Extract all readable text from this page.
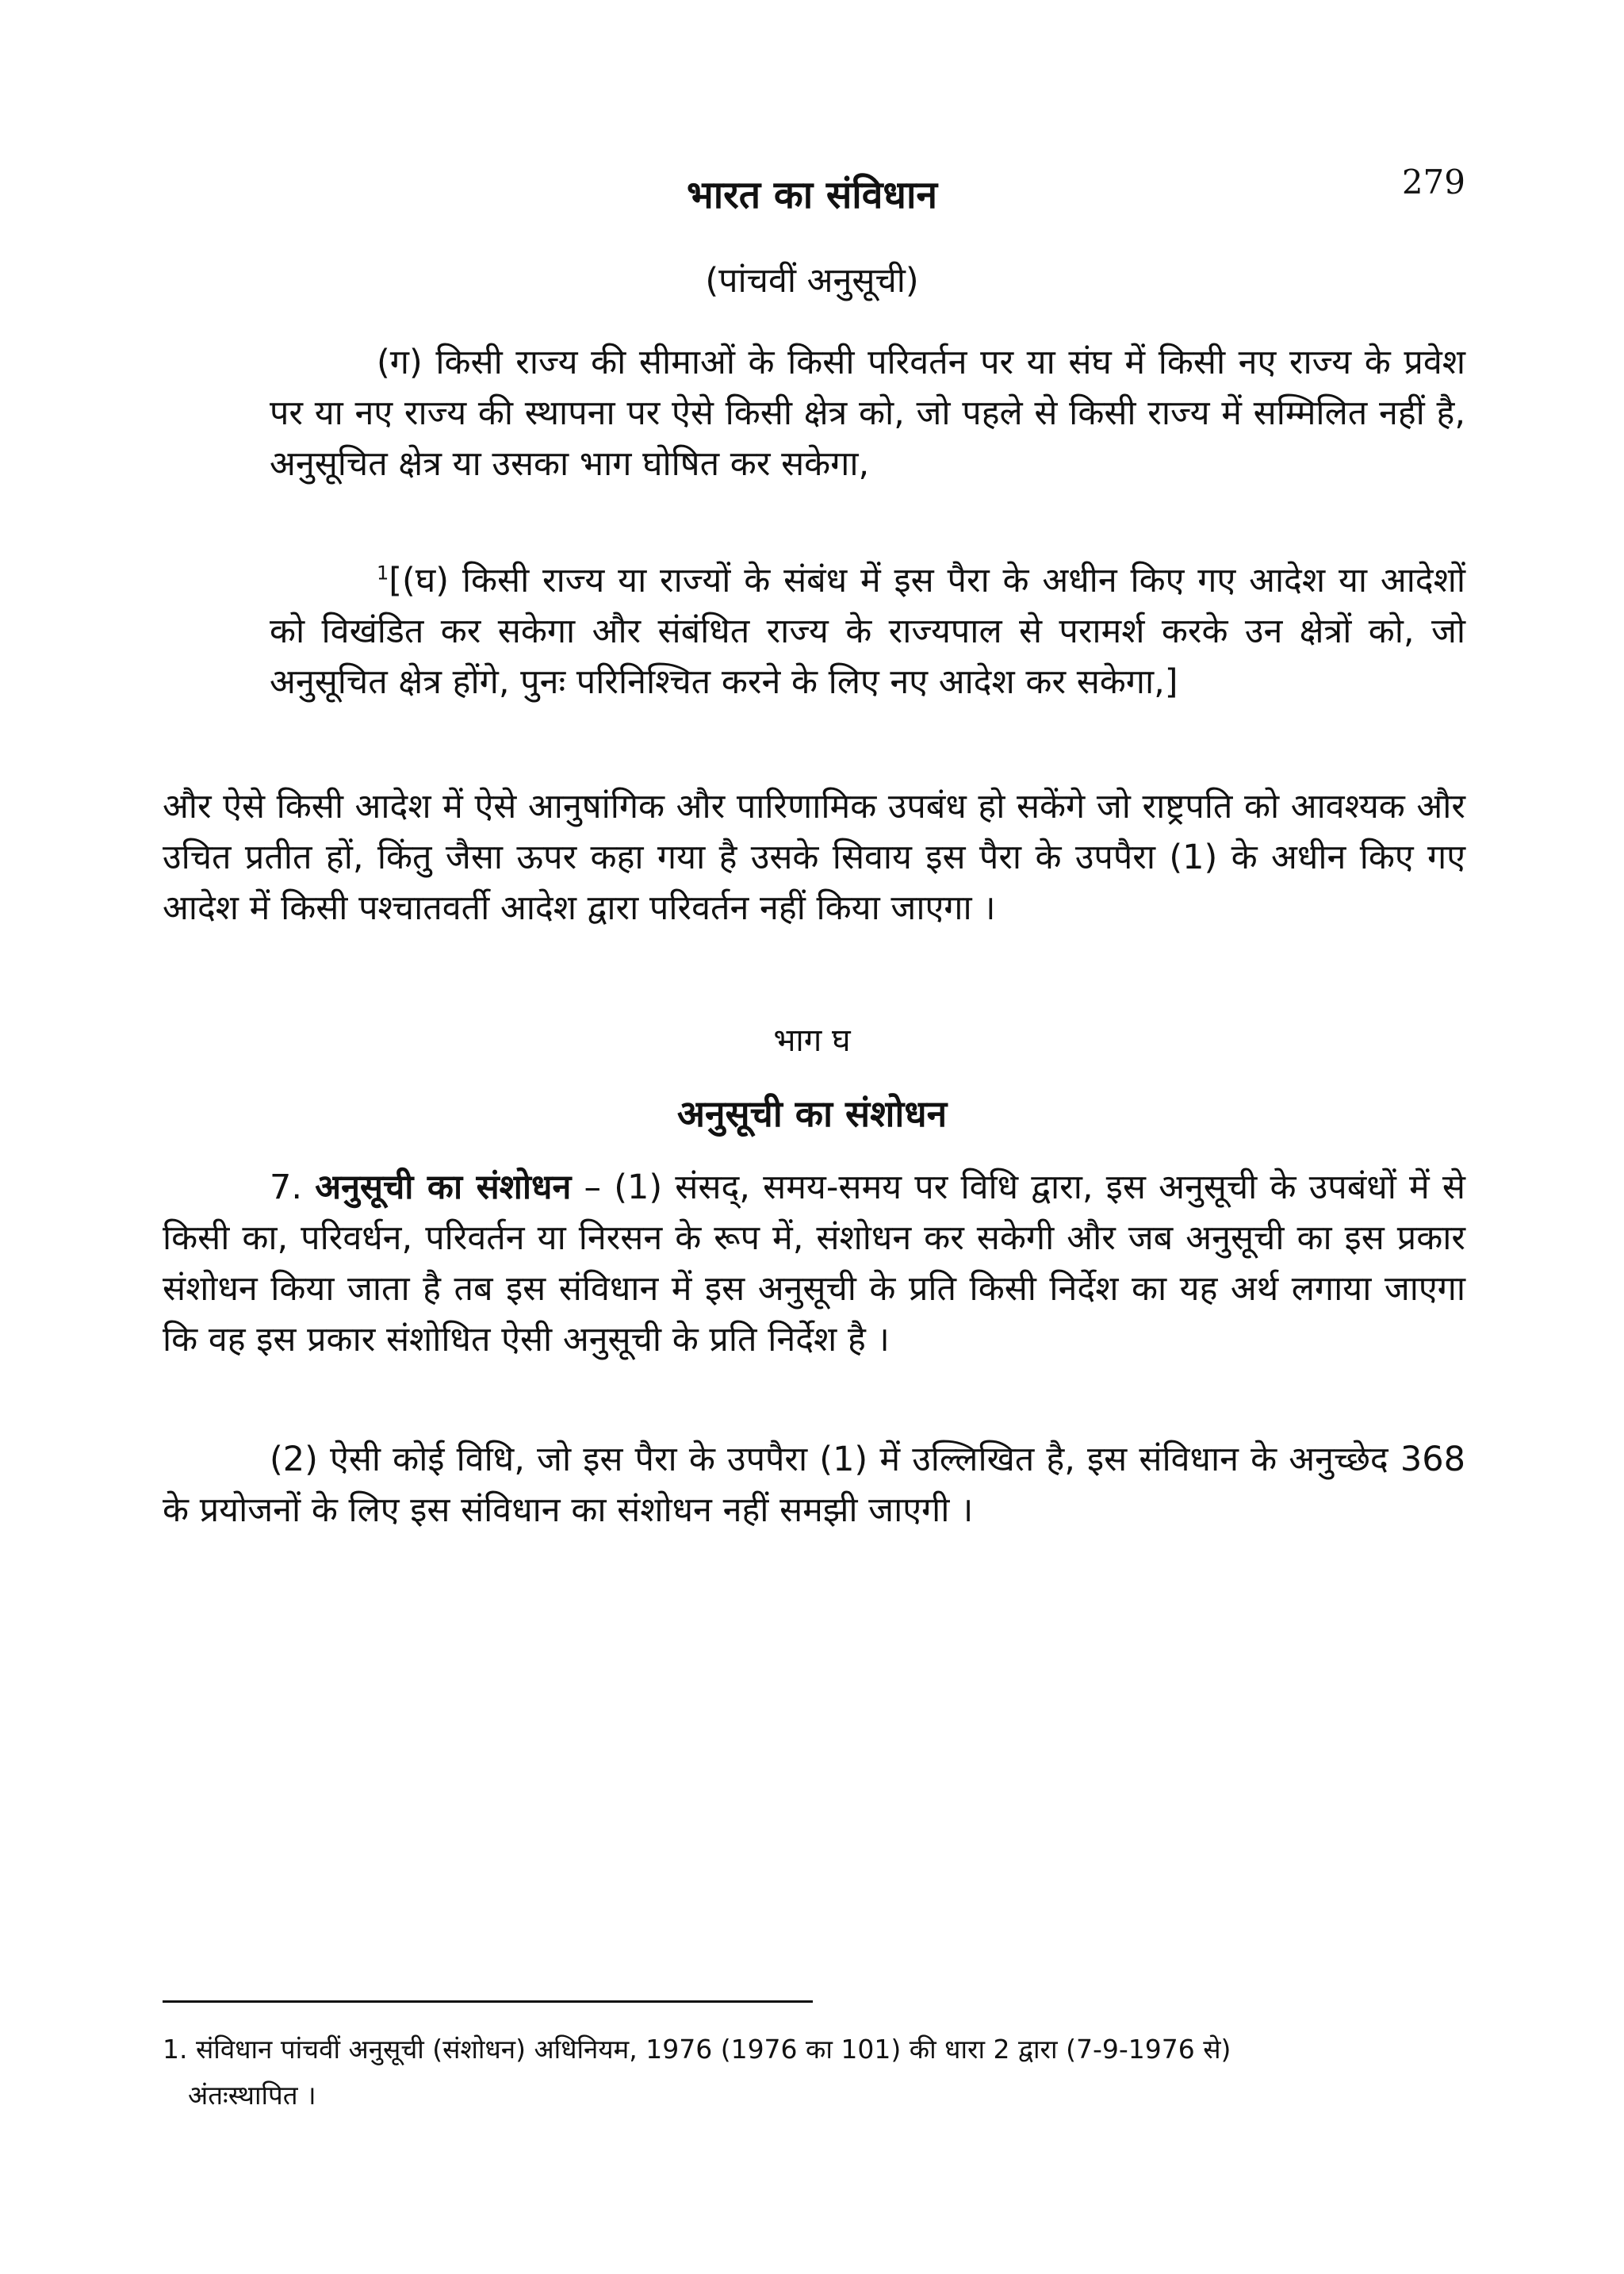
279

भारत का संविधान

(पांचवीं अनुसूची)

(ग) किसी राज्य की सीमाओं के किसी परिवर्तन पर या संघ में किसी नए राज्य के प्रवेश पर या नए राज्य की स्थापना पर ऐसे किसी क्षेत्र को, जो पहले से किसी राज्य में सम्मिलित नहीं है, अनुसूचित क्षेत्र या उसका भाग घोषित कर सकेगा,

$^1$[(घ) किसी राज्य या राज्यों के संबंध में इस पैरा के अधीन किए गए आदेश या आदेशों को विखंडित कर सकेगा और संबंधित राज्य के राज्यपाल से परामर्श करके उन क्षेत्रों को, जो अनुसूचित क्षेत्र होंगे, पुनः परिनिश्चित करने के लिए नए आदेश कर सकेगा,]

और ऐसे किसी आदेश में ऐसे आनुषांगिक और पारिणामिक उपबंध हो सकेंगे जो राष्ट्रपति को आवश्यक और उचित प्रतीत हों, किंतु जैसा ऊपर कहा गया है उसके सिवाय इस पैरा के उपपैरा (1) के अधीन किए गए आदेश में किसी पश्चातवर्ती आदेश द्वारा परिवर्तन नहीं किया जाएगा ।

भाग घ

अनुसूची का संशोधन

7. अनुसूची का संशोधन – (1) संसद्, समय-समय पर विधि द्वारा, इस अनुसूची के उपबंधों में से किसी का, परिवर्धन, परिवर्तन या निरसन के रूप में, संशोधन कर सकेगी और जब अनुसूची का इस प्रकार संशोधन किया जाता है तब इस संविधान में इस अनुसूची के प्रति किसी निर्देश का यह अर्थ लगाया जाएगा कि वह इस प्रकार संशोधित ऐसी अनुसूची के प्रति निर्देश है ।

(2) ऐसी कोई विधि, जो इस पैरा के उपपैरा (1) में उल्लिखित है, इस संविधान के अनुच्छेद 368 के प्रयोजनों के लिए इस संविधान का संशोधन नहीं समझी जाएगी ।

1. संविधान पांचवीं अनुसूची (संशोधन) अधिनियम, 1976 (1976 का 101) की धारा 2 द्वारा (7-9-1976 से)
अंतःस्थापित ।
